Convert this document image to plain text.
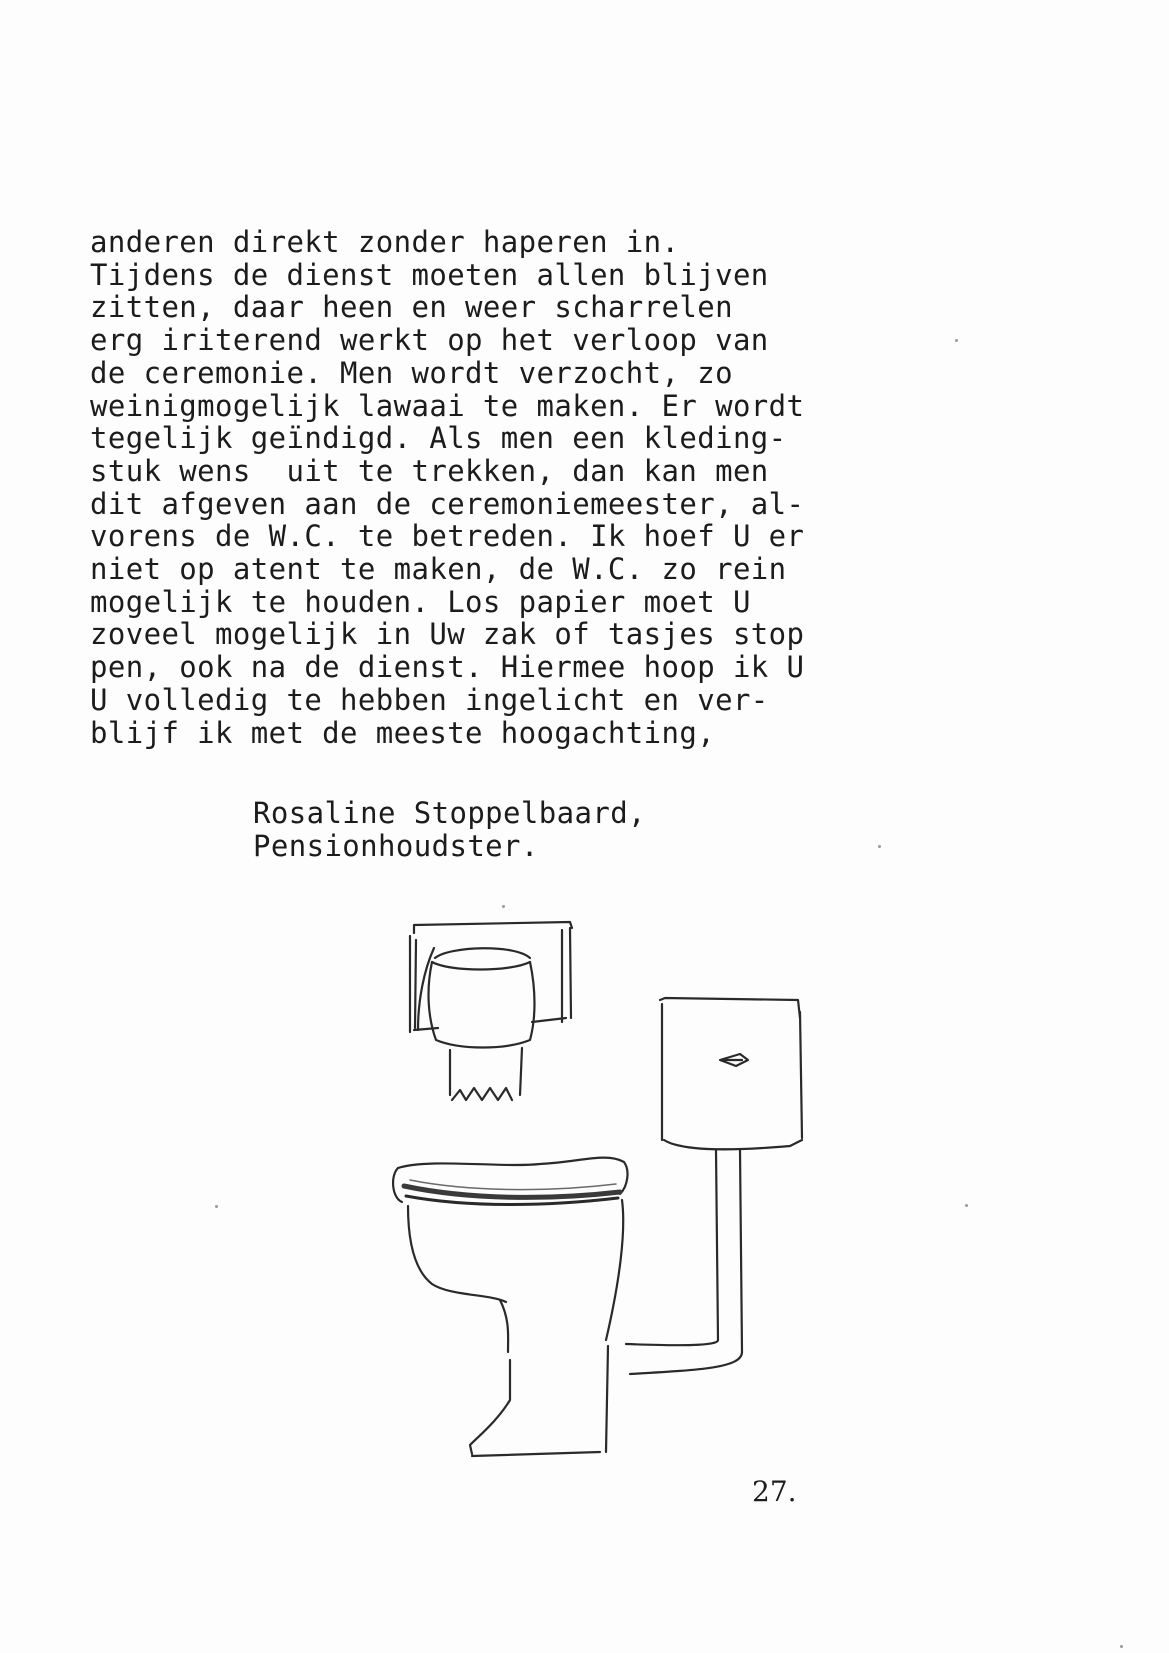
anderen direkt zonder haperen in.
Tijdens de dienst moeten allen blijven
zitten, daar heen en weer scharrelen
erg iriterend werkt op het verloop van
de ceremonie. Men wordt verzocht, zo
weinigmogelijk lawaai te maken. Er wordt
tegelijk geïndigd. Als men een kleding-
stuk wens  uit te trekken, dan kan men
dit afgeven aan de ceremoniemeester, al-
vorens de W.C. te betreden. Ik hoef U er
niet op atent te maken, de W.C. zo rein
mogelijk te houden. Los papier moet U
zoveel mogelijk in Uw zak of tasjes stop
pen, ook na de dienst. Hiermee hoop ik U
U volledig te hebben ingelicht en ver-
blijf ik met de meeste hoogachting,
Rosaline Stoppelbaard,
Pensionhoudster.
27.
